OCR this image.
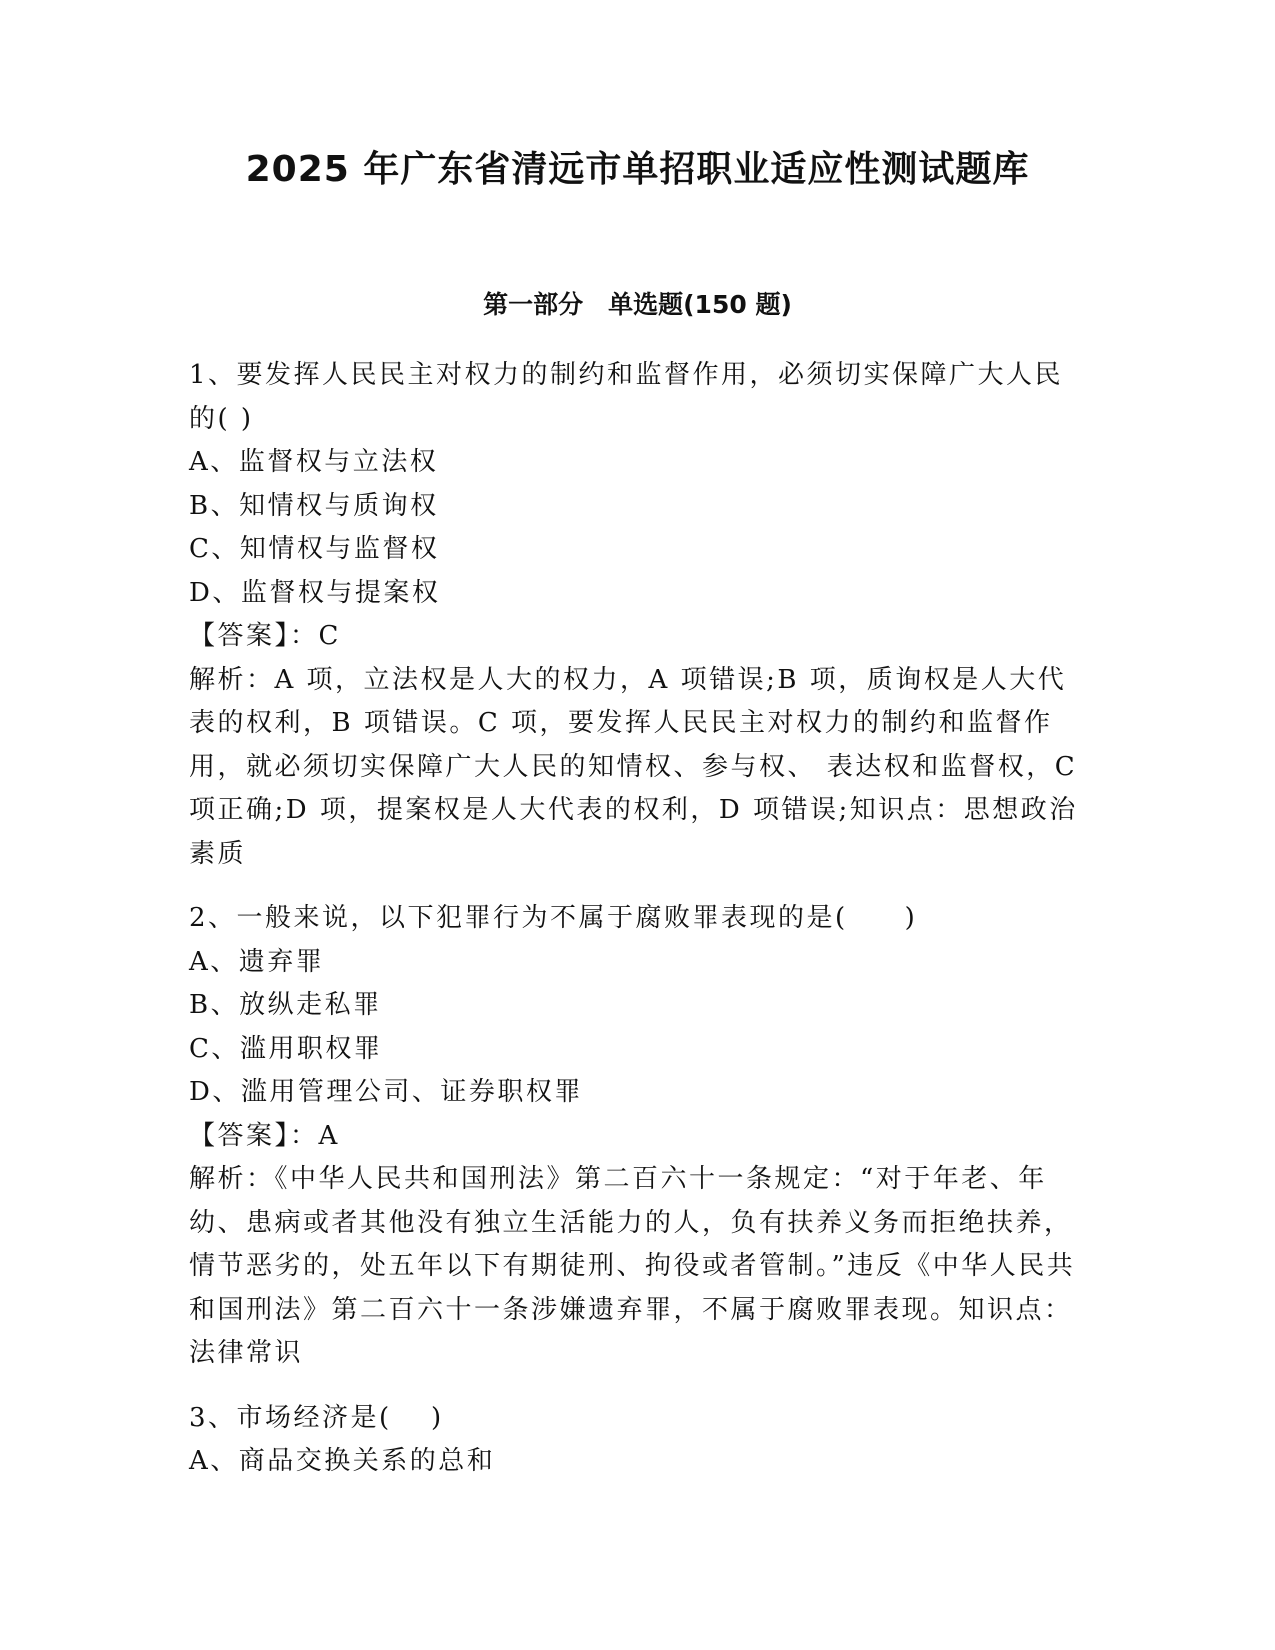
2025 年广东省清远市单招职业适应性测试题库
第一部分　单选题(150 题)
1、要发挥人民民主对权力的制约和监督作用，必须切实保障广大人民的( )
A、监督权与立法权
B、知情权与质询权
C、知情权与监督权
D、监督权与提案权
【答案】：C
解析：A 项，立法权是人大的权力，A 项错误;B 项，质询权是人大代表的权利，B 项错误。C 项，要发挥人民民主对权力的制约和监督作用，就必须切实保障广大人民的知情权、参与权、 表达权和监督权，C 项正确;D 项，提案权是人大代表的权利，D 项错误;知识点：思想政治素质
2、一般来说，以下犯罪行为不属于腐败罪表现的是(　　)
A、遗弃罪
B、放纵走私罪
C、滥用职权罪
D、滥用管理公司、证券职权罪
【答案】：A
解析：《中华人民共和国刑法》第二百六十一条规定：“对于年老、年幼、患病或者其他没有独立生活能力的人，负有扶养义务而拒绝扶养，情节恶劣的，处五年以下有期徒刑、拘役或者管制。”违反《中华人民共和国刑法》第二百六十一条涉嫌遗弃罪，不属于腐败罪表现。知识点：法律常识
3、市场经济是(　 )
A、商品交换关系的总和
